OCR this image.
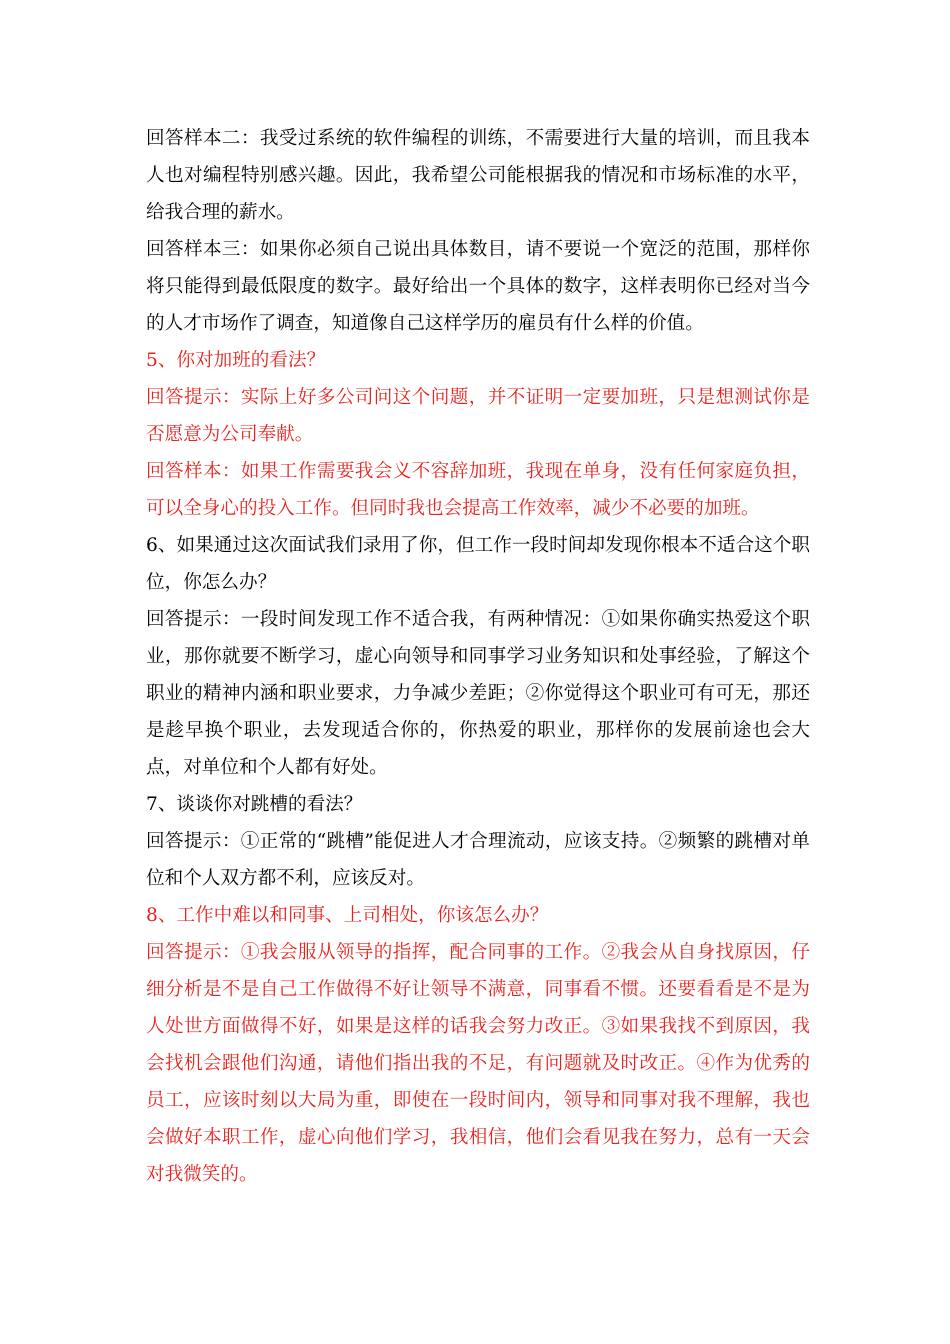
回答样本二：我受过系统的软件编程的训练，不需要进行大量的培训，而且我本人也对编程特别感兴趣。因此，我希望公司能根据我的情况和市场标准的水平，给我合理的薪水。

回答样本三：如果你必须自己说出具体数目，请不要说一个宽泛的范围，那样你将只能得到最低限度的数字。最好给出一个具体的数字，这样表明你已经对当今的人才市场作了调查，知道像自己这样学历的雇员有什么样的价值。

5、你对加班的看法？

回答提示：实际上好多公司问这个问题，并不证明一定要加班，只是想测试你是否愿意为公司奉献。

回答样本：如果工作需要我会义不容辞加班，我现在单身，没有任何家庭负担，可以全身心的投入工作。但同时我也会提高工作效率，减少不必要的加班。

6、如果通过这次面试我们录用了你，但工作一段时间却发现你根本不适合这个职位，你怎么办？

回答提示：一段时间发现工作不适合我，有两种情况：①如果你确实热爱这个职业，那你就要不断学习，虚心向领导和同事学习业务知识和处事经验，了解这个职业的精神内涵和职业要求，力争减少差距；②你觉得这个职业可有可无，那还是趁早换个职业，去发现适合你的，你热爱的职业，那样你的发展前途也会大点，对单位和个人都有好处。

7、谈谈你对跳槽的看法？

回答提示：①正常的“跳槽”能促进人才合理流动，应该支持。②频繁的跳槽对单位和个人双方都不利，应该反对。

8、工作中难以和同事、上司相处，你该怎么办？

回答提示：①我会服从领导的指挥，配合同事的工作。②我会从自身找原因，仔细分析是不是自己工作做得不好让领导不满意，同事看不惯。还要看看是不是为人处世方面做得不好，如果是这样的话我会努力改正。③如果我找不到原因，我会找机会跟他们沟通，请他们指出我的不足，有问题就及时改正。④作为优秀的员工，应该时刻以大局为重，即使在一段时间内，领导和同事对我不理解，我也会做好本职工作，虚心向他们学习，我相信，他们会看见我在努力，总有一天会对我微笑的。
